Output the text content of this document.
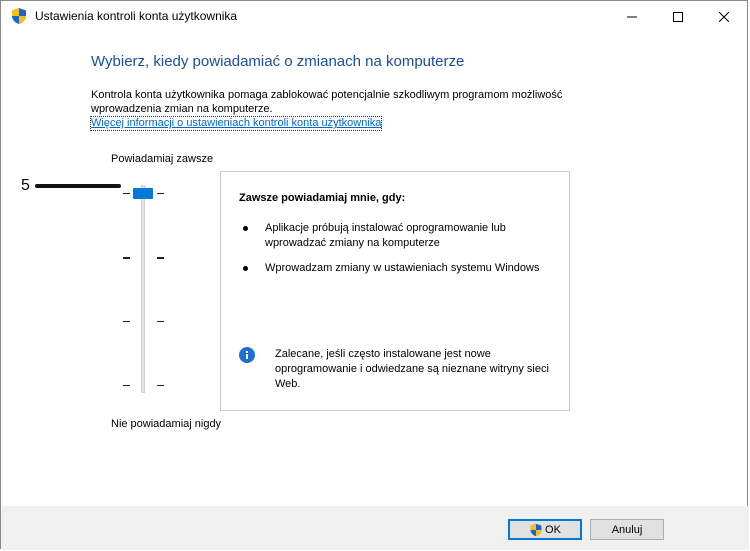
Ustawienia kontroli konta użytkownika
Wybierz, kiedy powiadamiać o zmianach na komputerze
Kontrola konta użytkownika pomaga zablokować potencjalnie szkodliwym programom możliwość wprowadzenia zmian na komputerze.
Więcej informacji o ustawieniach kontroli konta użytkownika
Powiadamiaj zawsze
Nie powiadamiaj nigdy
Zawsze powiadamiaj mnie, gdy:
Aplikacje próbują instalować oprogramowanie lub wprowadzać zmiany na komputerze
Wprowadzam zmiany w ustawieniach systemu Windows
Zalecane, jeśli często instalowane jest nowe oprogramowanie i odwiedzane są nieznane witryny sieci Web.
5
OK	Anuluj
